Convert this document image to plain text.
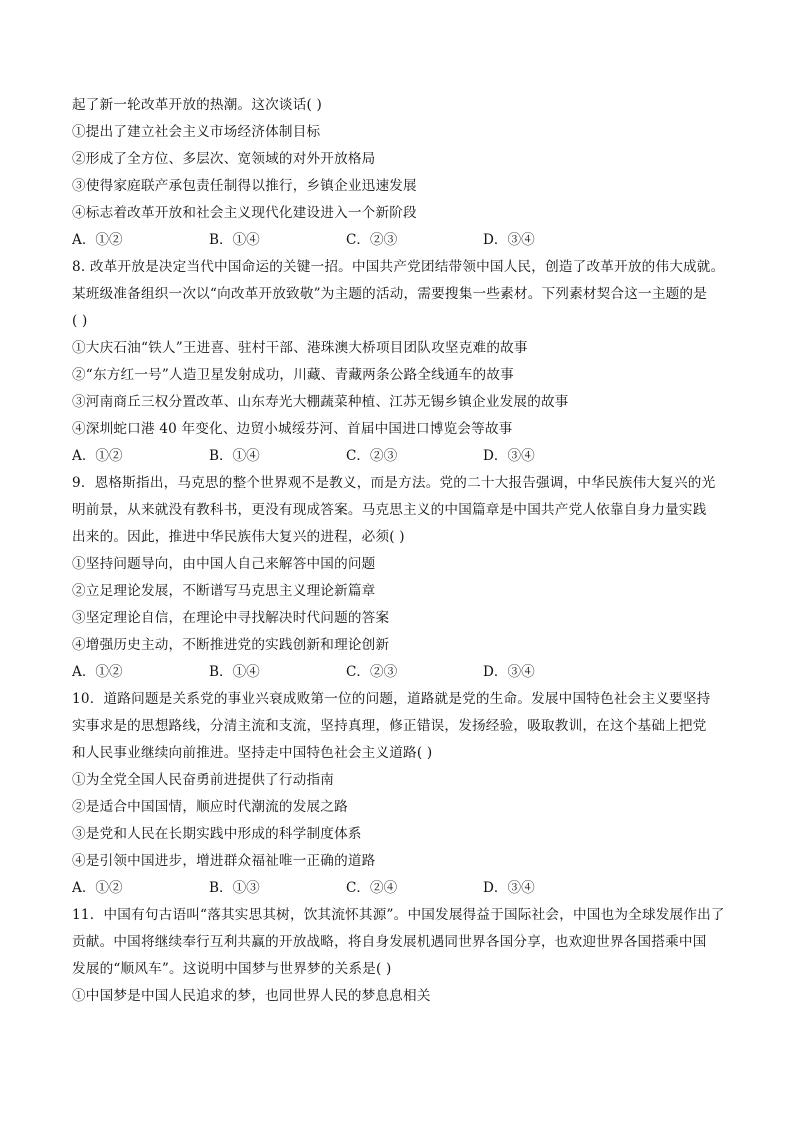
起了新一轮改革开放的热潮。这次谈话( )
①提出了建立社会主义市场经济体制目标
②形成了全方位、多层次、宽领域的对外开放格局
③使得家庭联产承包责任制得以推行，乡镇企业迅速发展
④标志着改革开放和社会主义现代化建设进入一个新阶段
A．①②	B．①④	C．②③	D．③④
8. 改革开放是决定当代中国命运的关键一招。中国共产党团结带领中国人民，创造了改革开放的伟大成就。
某班级准备组织一次以“向改革开放致敬”为主题的活动，需要搜集一些素材。下列素材契合这一主题的是
( )
①大庆石油“铁人”王进喜、驻村干部、港珠澳大桥项目团队攻坚克难的故事
②“东方红一号”人造卫星发射成功，川藏、青藏两条公路全线通车的故事
③河南商丘三权分置改革、山东寿光大棚蔬菜种植、江苏无锡乡镇企业发展的故事
④深圳蛇口港 40 年变化、边贸小城绥芬河、首届中国进口博览会等故事
A．①②	B．①④	C．②③	D．③④
9．恩格斯指出，马克思的整个世界观不是教义，而是方法。党的二十大报告强调，中华民族伟大复兴的光
明前景，从来就没有教科书，更没有现成答案。马克思主义的中国篇章是中国共产党人依靠自身力量实践
出来的。因此，推进中华民族伟大复兴的进程，必须( )
①坚持问题导向，由中国人自己来解答中国的问题
②立足理论发展，不断谱写马克思主义理论新篇章
③坚定理论自信，在理论中寻找解决时代问题的答案
④增强历史主动，不断推进党的实践创新和理论创新
A．①②	B．①④	C．②③	D．③④
10．道路问题是关系党的事业兴衰成败第一位的问题，道路就是党的生命。发展中国特色社会主义要坚持
实事求是的思想路线，分清主流和支流，坚持真理，修正错误，发扬经验，吸取教训，在这个基础上把党
和人民事业继续向前推进。坚持走中国特色社会主义道路( )
①为全党全国人民奋勇前进提供了行动指南
②是适合中国国情，顺应时代潮流的发展之路
③是党和人民在长期实践中形成的科学制度体系
④是引领中国进步，增进群众福祉唯一正确的道路
A．①②	B．①③	C．②④	D．③④
11．中国有句古语叫“落其实思其树，饮其流怀其源”。中国发展得益于国际社会，中国也为全球发展作出了
贡献。中国将继续奉行互利共赢的开放战略，将自身发展机遇同世界各国分享，也欢迎世界各国搭乘中国
发展的“顺风车”。这说明中国梦与世界梦的关系是( )
①中国梦是中国人民追求的梦，也同世界人民的梦息息相关
